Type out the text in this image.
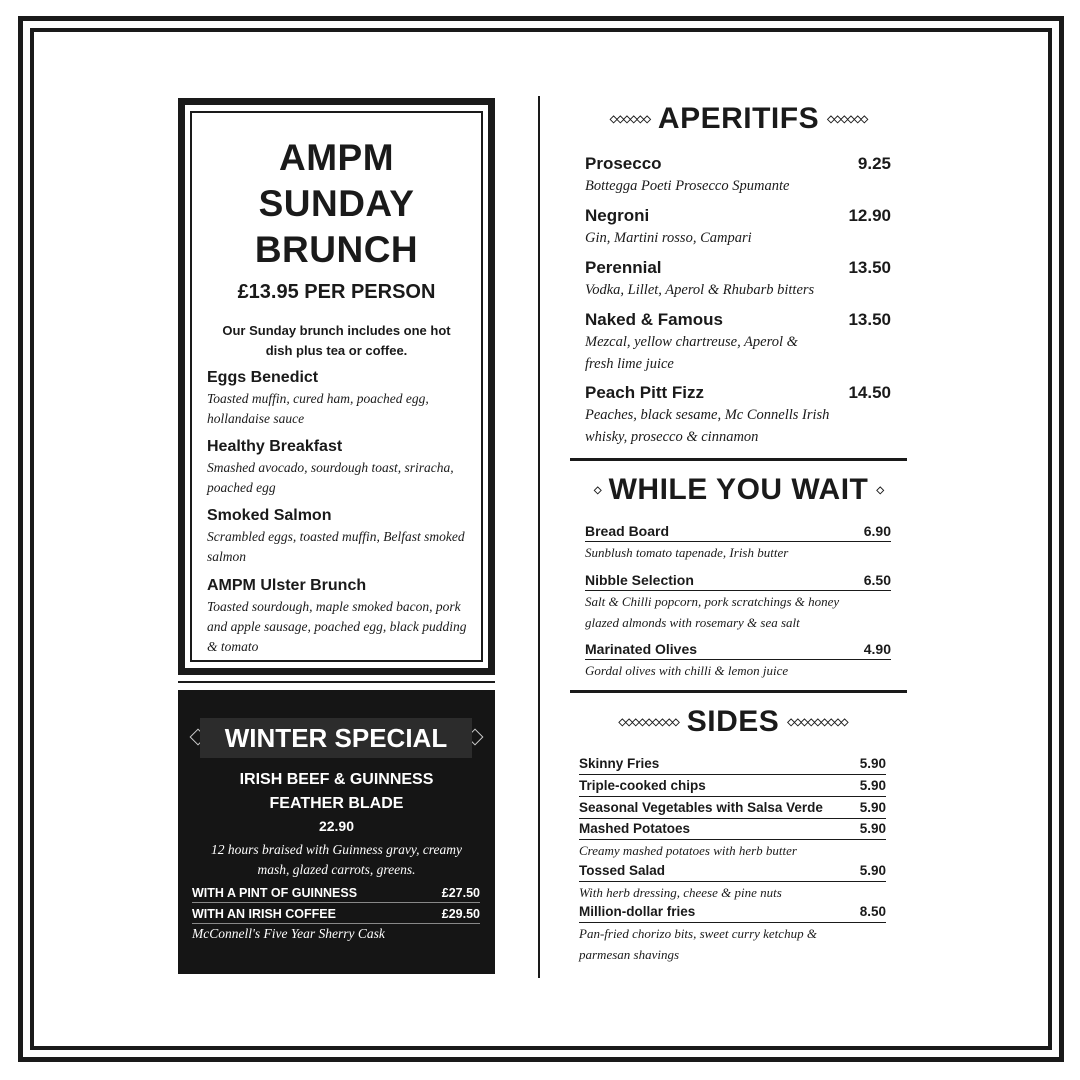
AMPM
SUNDAY
BRUNCH
£13.95 PER PERSON
Our Sunday brunch includes one hot dish plus tea or coffee.
Eggs Benedict
Toasted muffin, cured ham, poached egg, hollandaise sauce
Healthy Breakfast
Smashed avocado, sourdough toast, sriracha, poached egg
Smoked Salmon
Scrambled eggs, toasted muffin, Belfast smoked salmon
AMPM Ulster Brunch
Toasted sourdough, maple smoked bacon, pork and apple sausage, poached egg, black pudding & tomato
WINTER SPECIAL
IRISH BEEF & GUINNESS
FEATHER BLADE
22.90
12 hours braised with Guinness gravy, creamy mash, glazed carrots, greens.
WITH A PINT OF GUINNESS	£27.50
WITH AN IRISH COFFEE	£29.50
McConnell's Five Year Sherry Cask
◇◇◇◇◇◇ APERITIFS ◇◇◇◇◇◇
Prosecco	9.25
Bottegga Poeti Prosecco Spumante
Negroni	12.90
Gin, Martini rosso, Campari
Perennial	13.50
Vodka, Lillet, Aperol & Rhubarb bitters
Naked & Famous	13.50
Mezcal, yellow chartreuse, Aperol & fresh lime juice
Peach Pitt Fizz	14.50
Peaches, black sesame, Mc Connells Irish whisky, prosecco & cinnamon
◇ WHILE YOU WAIT ◇
Bread Board	6.90
Sunblush tomato tapenade, Irish butter
Nibble Selection	6.50
Salt & Chilli popcorn, pork scratchings & honey glazed almonds with rosemary & sea salt
Marinated Olives	4.90
Gordal olives with chilli & lemon juice
◇◇◇◇◇◇◇◇◇ SIDES ◇◇◇◇◇◇◇◇◇
Skinny Fries	5.90
Triple-cooked chips	5.90
Seasonal Vegetables with Salsa Verde	5.90
Mashed Potatoes	5.90
Creamy mashed potatoes with herb butter
Tossed Salad	5.90
With herb dressing, cheese & pine nuts
Million-dollar fries	8.50
Pan-fried chorizo bits, sweet curry ketchup & parmesan shavings
